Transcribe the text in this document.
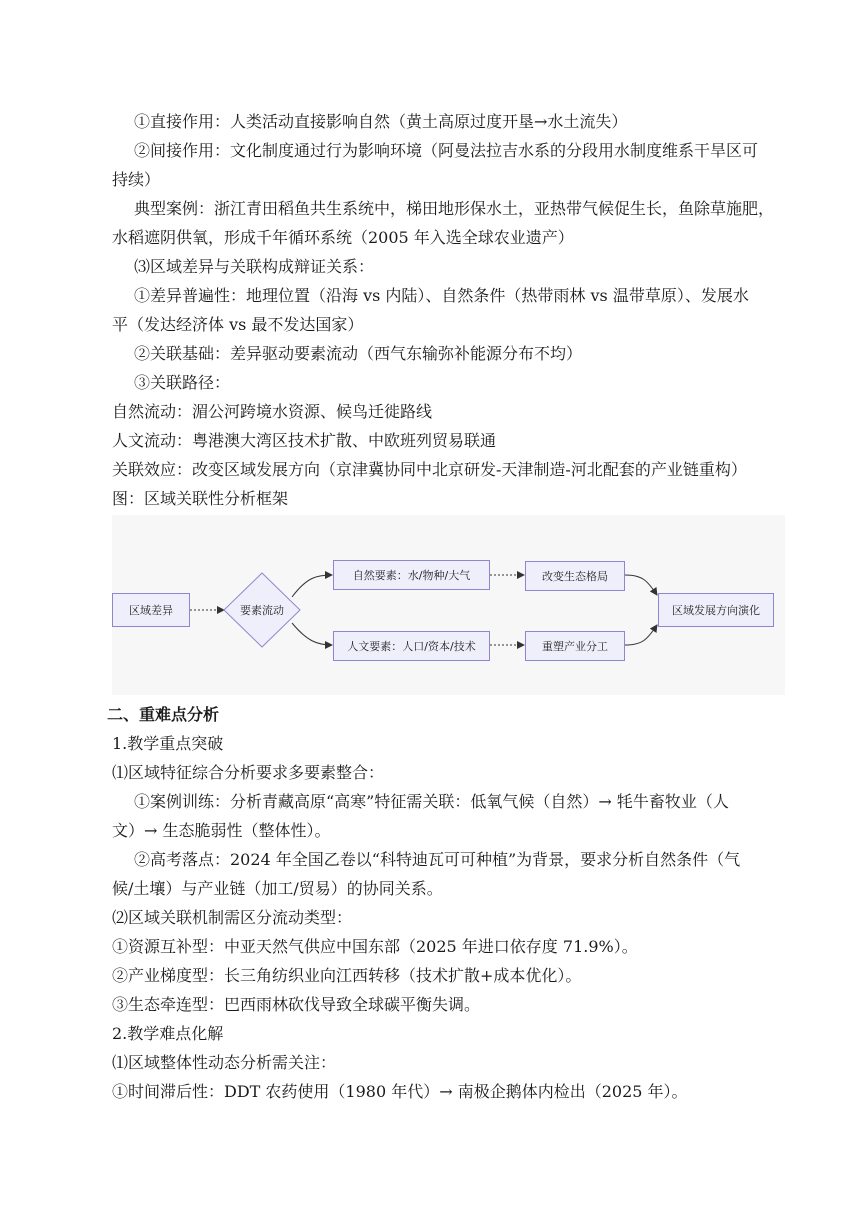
①直接作用：人类活动直接影响自然（黄土高原过度开垦→水土流失）
②间接作用：文化制度通过行为影响环境（阿曼法拉吉水系的分段用水制度维系干旱区可
持续）
典型案例：浙江青田稻鱼共生系统中，梯田地形保水土，亚热带气候促生长，鱼除草施肥，
水稻遮阴供氧，形成千年循环系统（2005 年入选全球农业遗产）
⑶区域差异与关联构成辩证关系：
①差异普遍性：地理位置（沿海 vs 内陆）、自然条件（热带雨林 vs 温带草原）、发展水
平（发达经济体 vs 最不发达国家）
②关联基础：差异驱动要素流动（西气东输弥补能源分布不均）
③关联路径：
自然流动：湄公河跨境水资源、候鸟迁徙路线
人文流动：粤港澳大湾区技术扩散、中欧班列贸易联通
关联效应：改变区域发展方向（京津冀协同中北京研发-天津制造-河北配套的产业链重构）
图：区域关联性分析框架
区域差异	要素流动
自然要素：水/物种/大气
人文要素：人口/资本/技术
改变生态格局
重塑产业分工
区域发展方向演化
二、重难点分析
1.教学重点突破
⑴区域特征综合分析要求多要素整合：
①案例训练：分析青藏高原“高寒”特征需关联：低氧气候（自然）→ 牦牛畜牧业（人
文）→ 生态脆弱性（整体性）。
②高考落点：2024 年全国乙卷以“科特迪瓦可可种植”为背景，要求分析自然条件（气
候/土壤）与产业链（加工/贸易）的协同关系。
⑵区域关联机制需区分流动类型：
①资源互补型：中亚天然气供应中国东部（2025 年进口依存度 71.9%）。
②产业梯度型：长三角纺织业向江西转移（技术扩散+成本优化）。
③生态牵连型：巴西雨林砍伐导致全球碳平衡失调。
2.教学难点化解
⑴区域整体性动态分析需关注：
①时间滞后性：DDT 农药使用（1980 年代）→ 南极企鹅体内检出（2025 年）。
